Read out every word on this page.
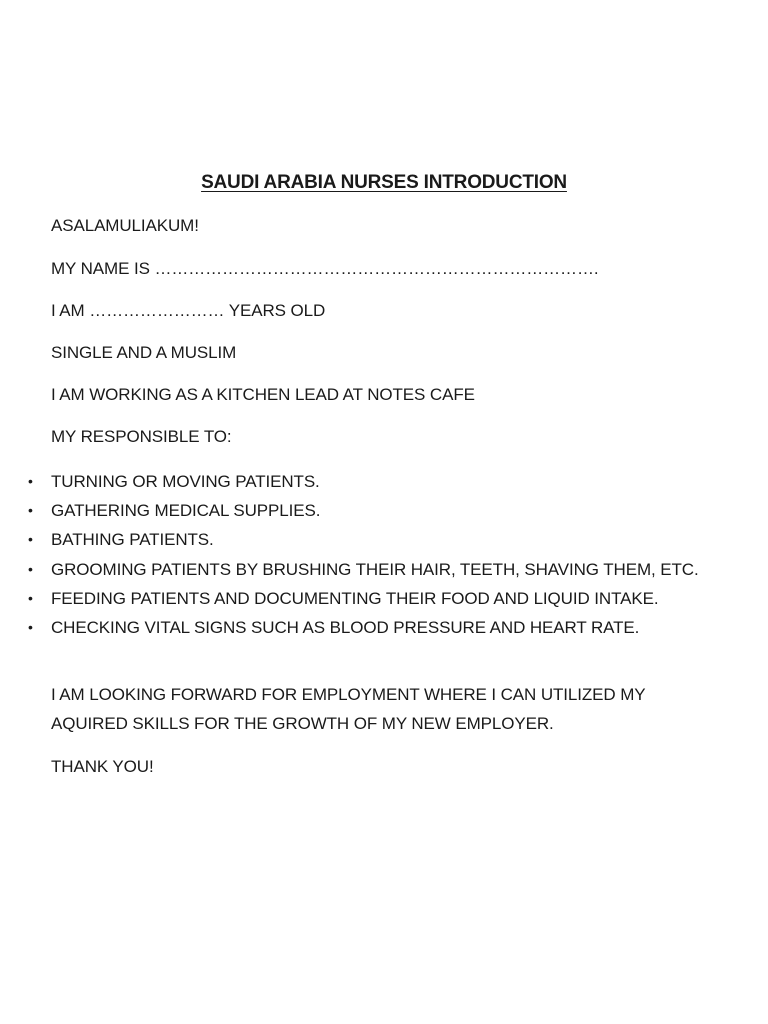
SAUDI ARABIA NURSES INTRODUCTION
ASALAMULIAKUM!
MY NAME IS …………………………………………………………………….
I AM …………………… YEARS OLD
SINGLE AND A MUSLIM
I AM WORKING AS A KITCHEN LEAD AT NOTES CAFE
MY RESPONSIBLE TO:
• TURNING OR MOVING PATIENTS.
• GATHERING MEDICAL SUPPLIES.
• BATHING PATIENTS.
• GROOMING PATIENTS BY BRUSHING THEIR HAIR, TEETH, SHAVING THEM, ETC.
• FEEDING PATIENTS AND DOCUMENTING THEIR FOOD AND LIQUID INTAKE.
• CHECKING VITAL SIGNS SUCH AS BLOOD PRESSURE AND HEART RATE.
I AM LOOKING FORWARD FOR EMPLOYMENT WHERE I CAN UTILIZED MY
AQUIRED SKILLS FOR THE GROWTH OF MY NEW EMPLOYER.
THANK YOU!
